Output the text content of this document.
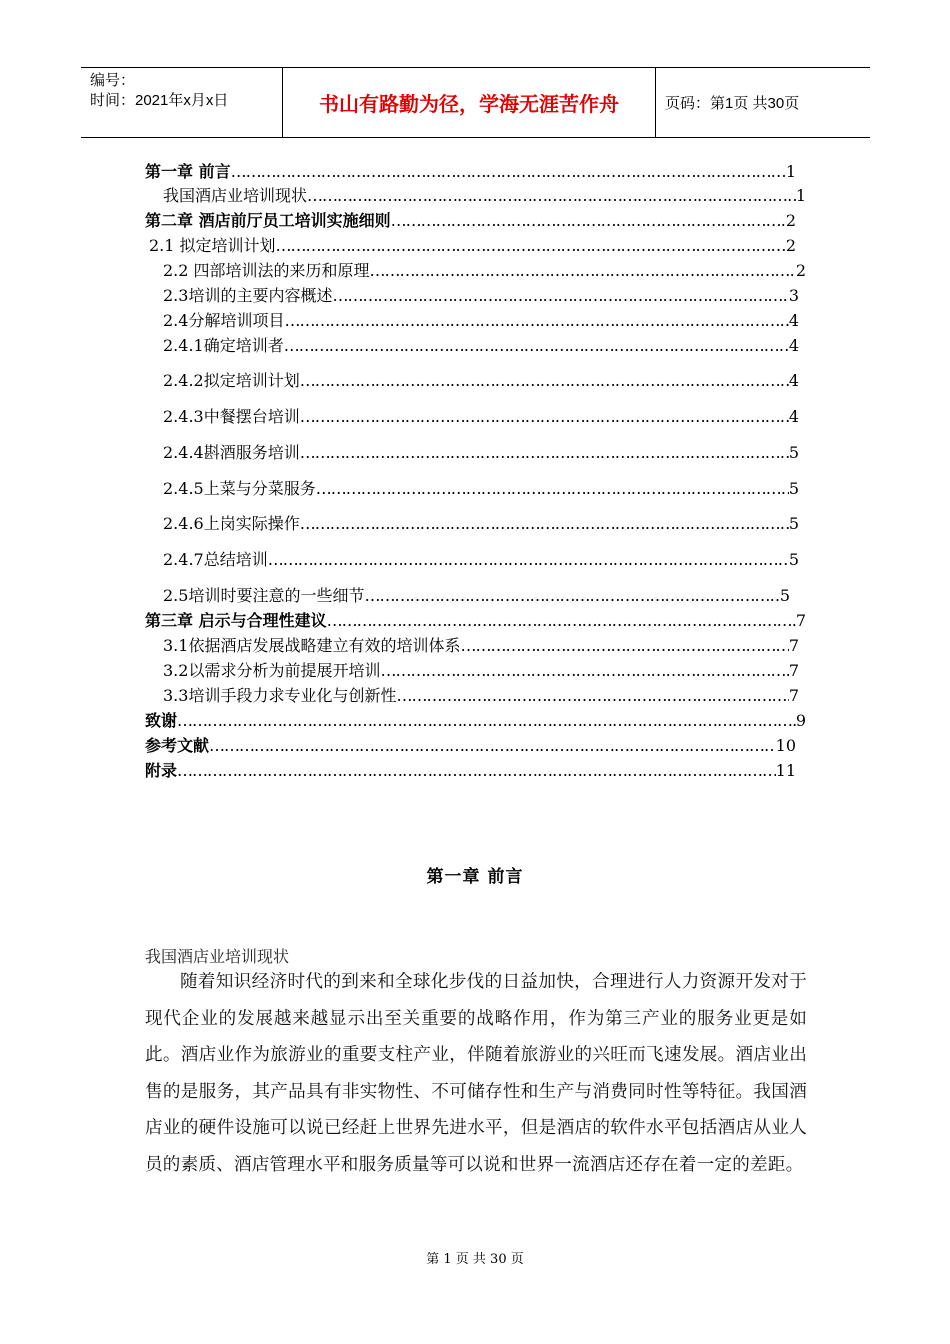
编号：
时间：2021年x月x日	书山有路勤为径，学海无涯苦作舟	页码：第1页 共30页
第一章 前言 …………………………………………………………………………………………………………………………………………………………………………………………	1
我国酒店业培训现状 …………………………………………………………………………………………………………………………………………………………………………………………	1
第二章 酒店前厅员工培训实施细则 …………………………………………………………………………………………………………………………………………………………………………………………	2
2.1 拟定培训计划 …………………………………………………………………………………………………………………………………………………………………………………………	2
2.2 四部培训法的来历和原理 …………………………………………………………………………………………………………………………………………………………………………………………	2
2.3培训的主要内容概述 …………………………………………………………………………………………………………………………………………………………………………………………	3
2.4分解培训项目 …………………………………………………………………………………………………………………………………………………………………………………………	4
2.4.1确定培训者 …………………………………………………………………………………………………………………………………………………………………………………………	4
2.4.2拟定培训计划 …………………………………………………………………………………………………………………………………………………………………………………………	4
2.4.3中餐摆台培训 …………………………………………………………………………………………………………………………………………………………………………………………	4
2.4.4斟酒服务培训 …………………………………………………………………………………………………………………………………………………………………………………………	5
2.4.5上菜与分菜服务 …………………………………………………………………………………………………………………………………………………………………………………………	5
2.4.6上岗实际操作 …………………………………………………………………………………………………………………………………………………………………………………………	5
2.4.7总结培训 …………………………………………………………………………………………………………………………………………………………………………………………	5
2.5培训时要注意的一些细节 …………………………………………………………………………………………………………………………………………………………………………………………	5
第三章 启示与合理性建议 …………………………………………………………………………………………………………………………………………………………………………………………	7
3.1依据酒店发展战略建立有效的培训体系 …………………………………………………………………………………………………………………………………………………………………………………………	7
3.2以需求分析为前提展开培训 …………………………………………………………………………………………………………………………………………………………………………………………	7
3.3培训手段力求专业化与创新性 …………………………………………………………………………………………………………………………………………………………………………………………	7
致谢 …………………………………………………………………………………………………………………………………………………………………………………………	9
参考文献 …………………………………………………………………………………………………………………………………………………………………………………………	10
附录 …………………………………………………………………………………………………………………………………………………………………………………………	11
第一章 前言
我国酒店业培训现状
随着知识经济时代的到来和全球化步伐的日益加快，合理进行人力资源开发对于现代企业的发展越来越显示出至关重要的战略作用，作为第三产业的服务业更是如此。酒店业作为旅游业的重要支柱产业，伴随着旅游业的兴旺而飞速发展。酒店业出售的是服务，其产品具有非实物性、不可储存性和生产与消费同时性等特征。我国酒店业的硬件设施可以说已经赶上世界先进水平，但是酒店的软件水平包括酒店从业人员的素质、酒店管理水平和服务质量等可以说和世界一流酒店还存在着一定的差距。
第 1 页 共 30 页
